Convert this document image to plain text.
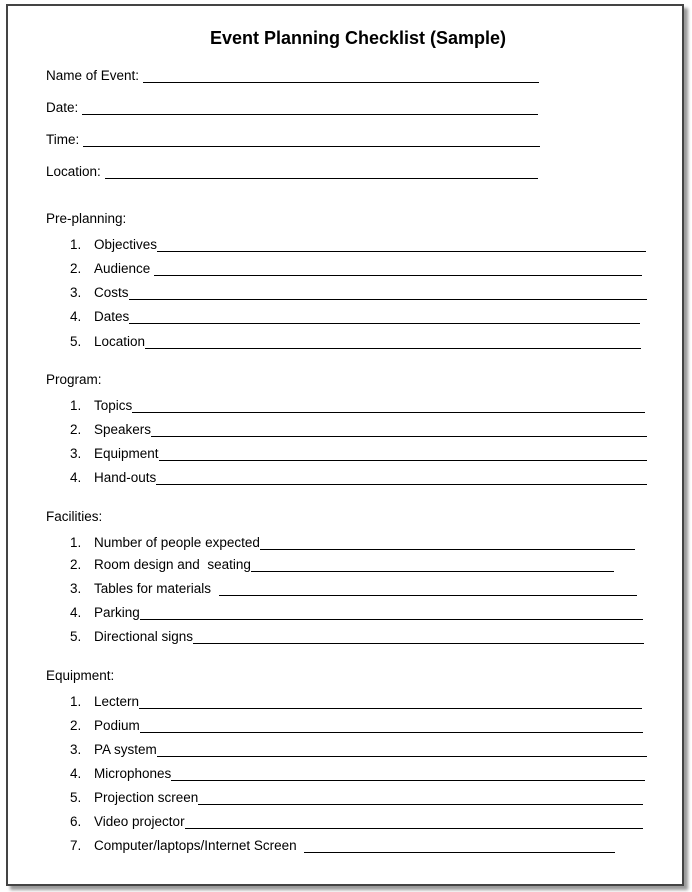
Event Planning Checklist (Sample)
Name of Event:
Date:
Time:
Location:
Pre-planning:
1. Objectives
2. Audience
3. Costs
4. Dates
5. Location
Program:
1. Topics
2. Speakers
3. Equipment
4. Hand-outs
Facilities:
1. Number of people expected
2. Room design and  seating
3. Tables for materials
4. Parking
5. Directional signs
Equipment:
1. Lectern
2. Podium
3. PA system
4. Microphones
5. Projection screen
6. Video projector
7. Computer/laptops/Internet Screen
